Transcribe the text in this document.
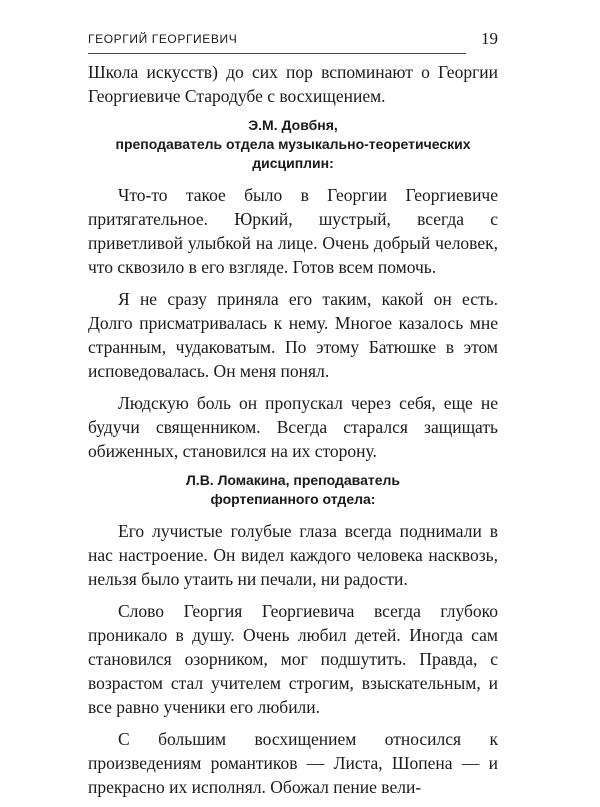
ГЕОРГИЙ ГЕОРГИЕВИЧ	19

Школа искусств) до сих пор вспоминают о Георгии Георгиевиче Стародубе с восхищением.

Э.М. Довбня,
преподаватель отдела музыкально-теоретических
дисциплин:

Что-то такое было в Георгии Георгиевиче притягательное. Юркий, шустрый, всегда с приветливой улыбкой на лице. Очень добрый человек, что сквозило в его взгляде. Готов всем помочь.

Я не сразу приняла его таким, какой он есть. Долго присматривалась к нему. Многое казалось мне странным, чудаковатым. По этому Батюшке в этом исповедовалась. Он меня понял.

Людскую боль он пропускал через себя, еще не будучи священником. Всегда старался защищать обиженных, становился на их сторону.

Л.В. Ломакина, преподаватель
фортепианного отдела:

Его лучистые голубые глаза всегда поднимали в нас настроение. Он видел каждого человека насквозь, нельзя было утаить ни печали, ни радости.

Слово Георгия Георгиевича всегда глубоко проникало в душу. Очень любил детей. Иногда сам становился озорником, мог подшутить. Правда, с возрастом стал учителем строгим, взыскательным, и все равно ученики его любили.

С большим восхищением относился к произведениям романтиков — Листа, Шопена — и прекрасно их исполнял. Обожал пение вели-
